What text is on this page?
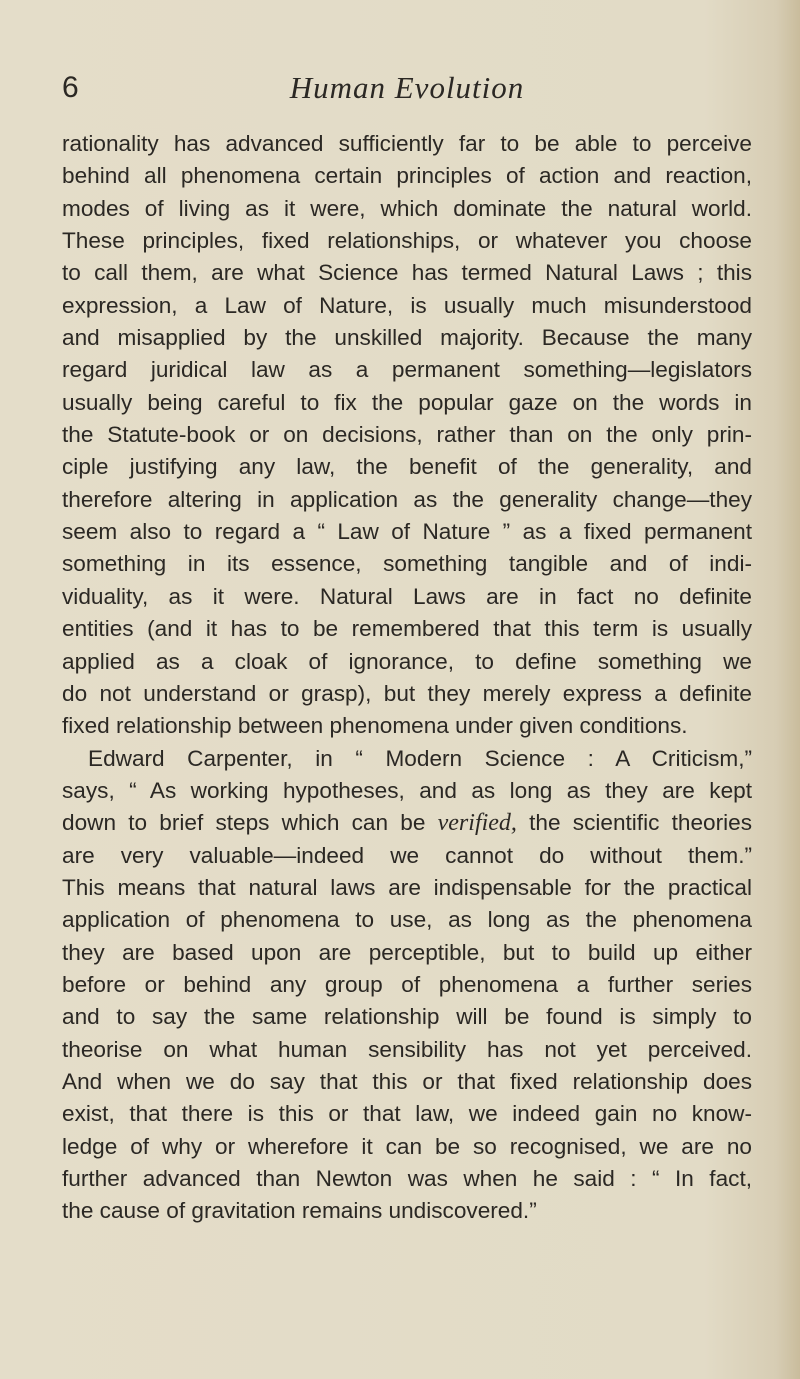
6	Human Evolution
rationality has advanced sufficiently far to be able to perceive
behind all phenomena certain principles of action and reaction,
modes of living as it were, which dominate the natural world.
These principles, fixed relationships, or whatever you choose
to call them, are what Science has termed Natural Laws ; this
expression, a Law of Nature, is usually much misunderstood
and misapplied by the unskilled majority. Because the many
regard juridical law as a permanent something—legislators
usually being careful to fix the popular gaze on the words in
the Statute-book or on decisions, rather than on the only prin-
ciple justifying any law, the benefit of the generality, and
therefore altering in application as the generality change—they
seem also to regard a “ Law of Nature ” as a fixed permanent
something in its essence, something tangible and of indi-
viduality, as it were. Natural Laws are in fact no definite
entities (and it has to be remembered that this term is usually
applied as a cloak of ignorance, to define something we
do not understand or grasp), but they merely express a definite
fixed relationship between phenomena under given conditions.
Edward Carpenter, in “ Modern Science : A Criticism,”
says, “ As working hypotheses, and as long as they are kept
down to brief steps which can be verified, the scientific theories
are very valuable—indeed we cannot do without them.”
This means that natural laws are indispensable for the practical
application of phenomena to use, as long as the phenomena
they are based upon are perceptible, but to build up either
before or behind any group of phenomena a further series
and to say the same relationship will be found is simply to
theorise on what human sensibility has not yet perceived.
And when we do say that this or that fixed relationship does
exist, that there is this or that law, we indeed gain no know-
ledge of why or wherefore it can be so recognised, we are no
further advanced than Newton was when he said : “ In fact,
the cause of gravitation remains undiscovered.”
